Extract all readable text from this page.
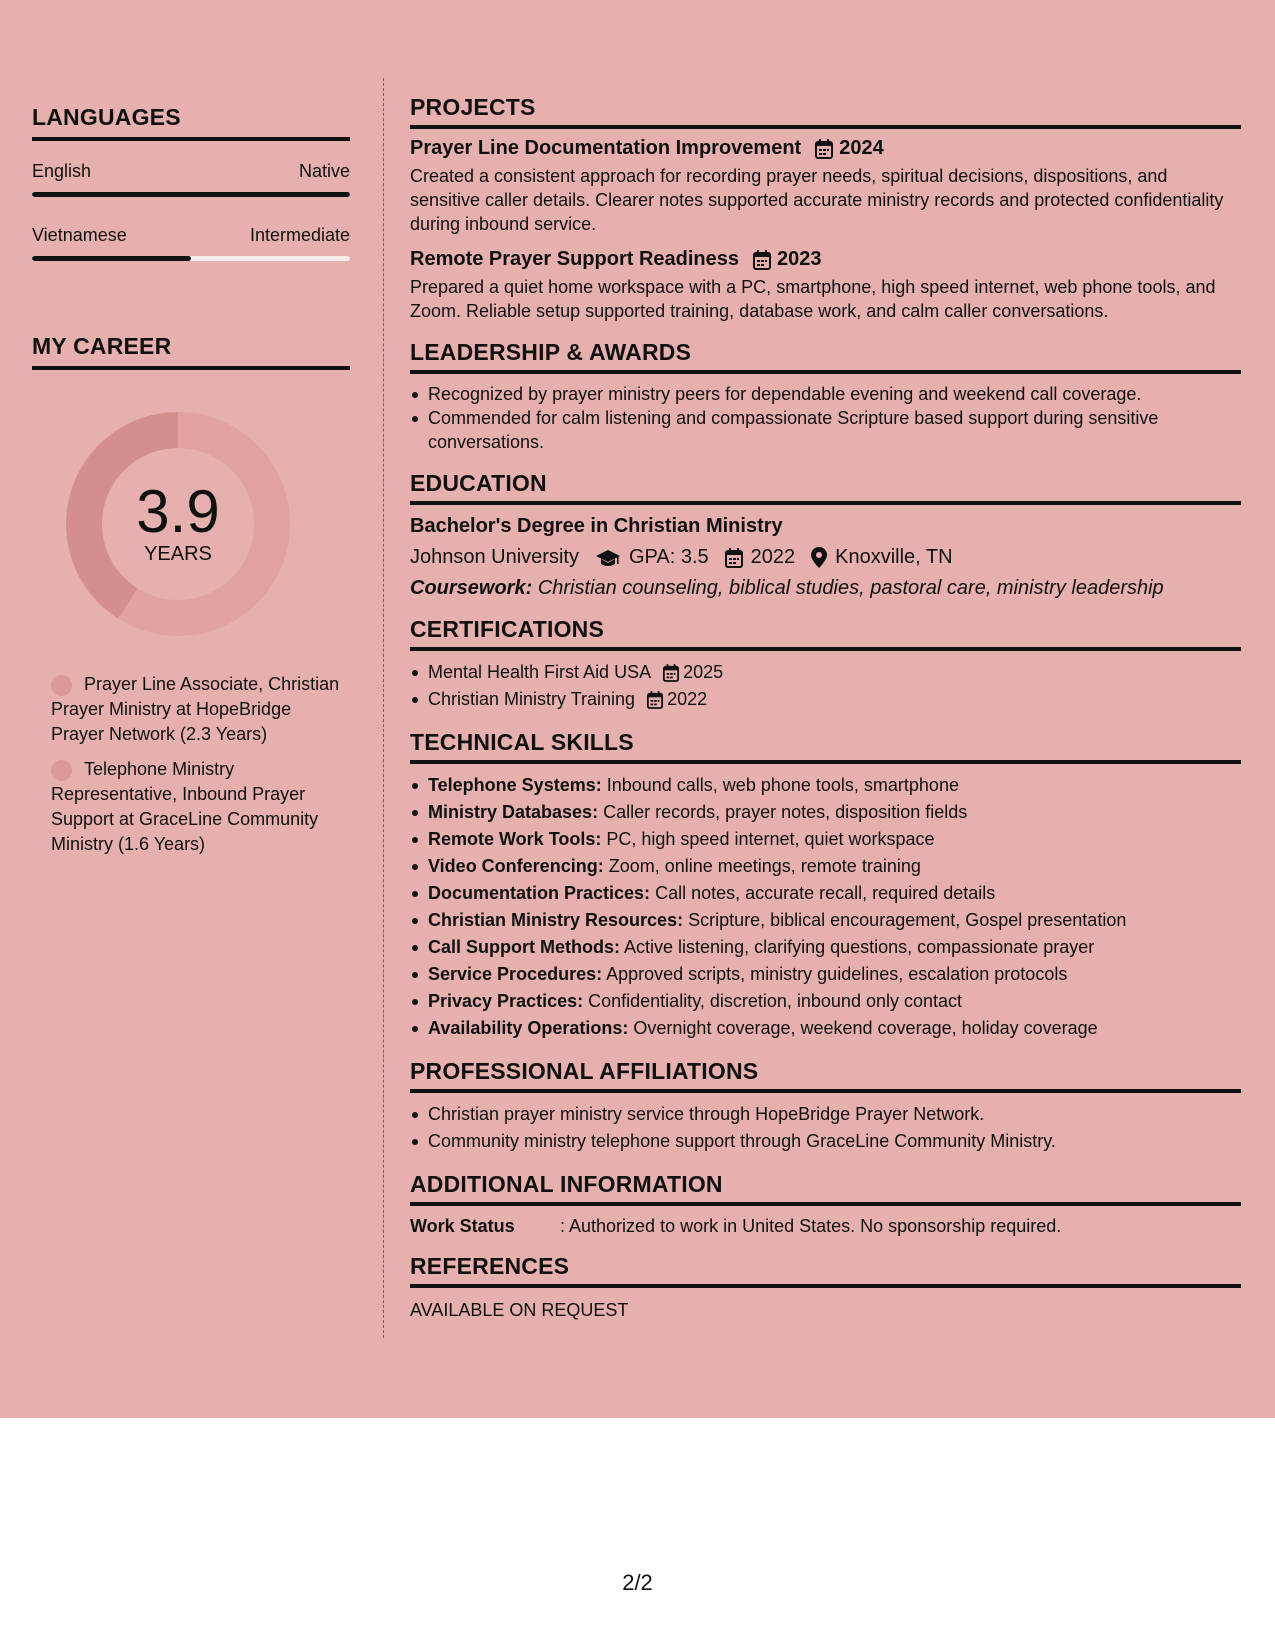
LANGUAGES
English	Native
Vietnamese	Intermediate
MY CAREER
3.9
YEARS
Prayer Line Associate, Christian Prayer Ministry at HopeBridge Prayer Network (2.3 Years)
Telephone Ministry Representative, Inbound Prayer Support at GraceLine Community Ministry (1.6 Years)
PROJECTS
Prayer Line Documentation Improvement 2024
Created a consistent approach for recording prayer needs, spiritual decisions, dispositions, and sensitive caller details. Clearer notes supported accurate ministry records and protected confidentiality during inbound service.
Remote Prayer Support Readiness 2023
Prepared a quiet home workspace with a PC, smartphone, high speed internet, web phone tools, and Zoom. Reliable setup supported training, database work, and calm caller conversations.
LEADERSHIP & AWARDS
Recognized by prayer ministry peers for dependable evening and weekend call coverage.
Commended for calm listening and compassionate Scripture based support during sensitive conversations.
EDUCATION
Bachelor's Degree in Christian Ministry
Johnson University	GPA: 3.5 2022 Knoxville, TN
Coursework: Christian counseling, biblical studies, pastoral care, ministry leadership
CERTIFICATIONS
Mental Health First Aid USA 2025
Christian Ministry Training 2022
TECHNICAL SKILLS
Telephone Systems: Inbound calls, web phone tools, smartphone
Ministry Databases: Caller records, prayer notes, disposition fields
Remote Work Tools: PC, high speed internet, quiet workspace
Video Conferencing: Zoom, online meetings, remote training
Documentation Practices: Call notes, accurate recall, required details
Christian Ministry Resources: Scripture, biblical encouragement, Gospel presentation
Call Support Methods: Active listening, clarifying questions, compassionate prayer
Service Procedures: Approved scripts, ministry guidelines, escalation protocols
Privacy Practices: Confidentiality, discretion, inbound only contact
Availability Operations: Overnight coverage, weekend coverage, holiday coverage
PROFESSIONAL AFFILIATIONS
Christian prayer ministry service through HopeBridge Prayer Network.
Community ministry telephone support through GraceLine Community Ministry.
ADDITIONAL INFORMATION
Work Status	: Authorized to work in United States. No sponsorship required.
REFERENCES
AVAILABLE ON REQUEST
2/2
